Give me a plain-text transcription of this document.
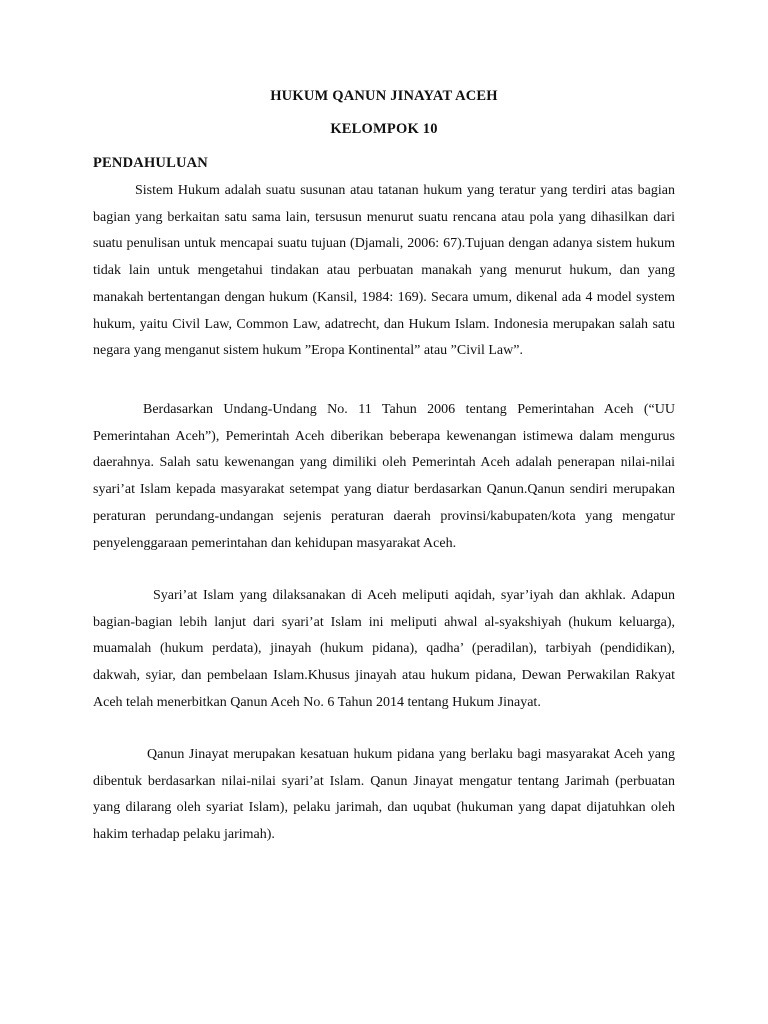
HUKUM QANUN JINAYAT ACEH
KELOMPOK 10
PENDAHULUAN

Sistem Hukum adalah suatu susunan atau tatanan hukum yang teratur yang terdiri atas bagian bagian yang berkaitan satu sama lain, tersusun menurut suatu rencana atau pola yang dihasilkan dari suatu penulisan untuk mencapai suatu tujuan (Djamali, 2006: 67).Tujuan dengan adanya sistem hukum tidak lain untuk mengetahui tindakan atau perbuatan manakah yang menurut hukum, dan yang manakah bertentangan dengan hukum (Kansil, 1984: 169). Secara umum, dikenal ada 4 model system hukum, yaitu Civil Law, Common Law, adatrecht, dan Hukum Islam. Indonesia merupakan salah satu negara yang menganut sistem hukum ”Eropa Kontinental” atau ”Civil Law”.

Berdasarkan Undang-Undang No. 11 Tahun 2006 tentang Pemerintahan Aceh (“UU Pemerintahan Aceh”), Pemerintah Aceh diberikan beberapa kewenangan istimewa dalam mengurus daerahnya. Salah satu kewenangan yang dimiliki oleh Pemerintah Aceh adalah penerapan nilai-nilai syari’at Islam kepada masyarakat setempat yang diatur berdasarkan Qanun.Qanun sendiri merupakan peraturan perundang-undangan sejenis peraturan daerah provinsi/kabupaten/kota yang mengatur penyelenggaraan pemerintahan dan kehidupan masyarakat Aceh.

Syari’at Islam yang dilaksanakan di Aceh meliputi aqidah, syar’iyah dan akhlak. Adapun bagian-bagian lebih lanjut dari syari’at Islam ini meliputi ahwal al-syakshiyah (hukum keluarga), muamalah (hukum perdata), jinayah (hukum pidana), qadha’ (peradilan), tarbiyah (pendidikan), dakwah, syiar, dan pembelaan Islam.Khusus jinayah atau hukum pidana, Dewan Perwakilan Rakyat Aceh telah menerbitkan Qanun Aceh No. 6 Tahun 2014 tentang Hukum Jinayat.

Qanun Jinayat merupakan kesatuan hukum pidana yang berlaku bagi masyarakat Aceh yang dibentuk berdasarkan nilai-nilai syari’at Islam. Qanun Jinayat mengatur tentang Jarimah (perbuatan yang dilarang oleh syariat Islam), pelaku jarimah, dan uqubat (hukuman yang dapat dijatuhkan oleh hakim terhadap pelaku jarimah).
